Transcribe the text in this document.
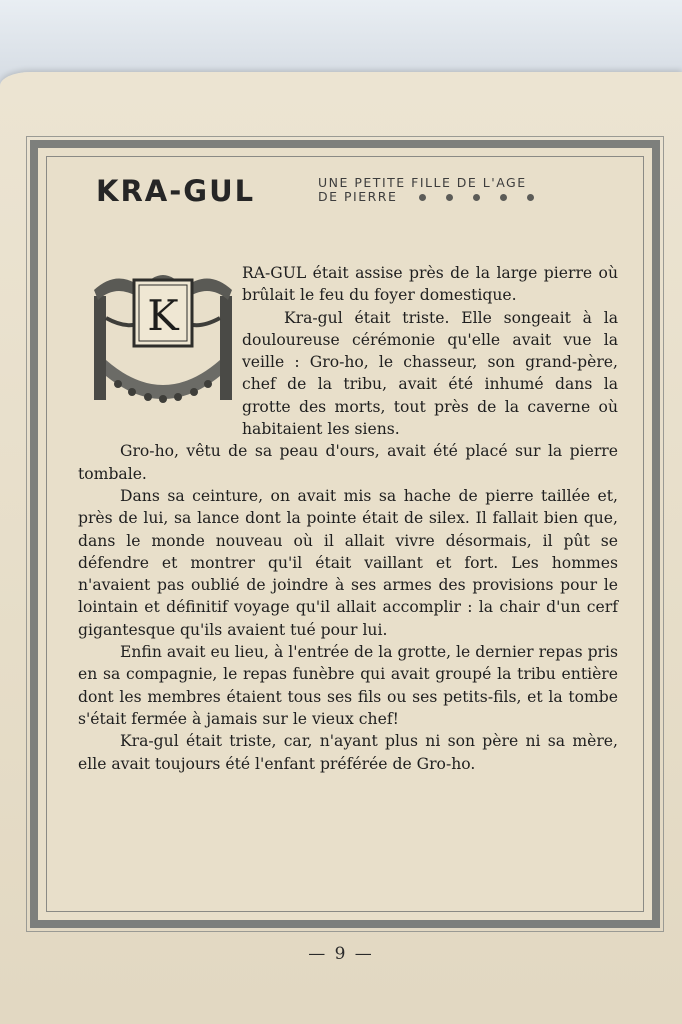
KRA-GUL	UNE PETITE FILLE DE L'AGE
DE PIERRE
K

RA-GUL était assise près de la large pierre où brûlait le feu du foyer domestique.

Kra-gul était triste. Elle songeait à la douloureuse cérémonie qu'elle avait vue la veille : Gro-ho, le chasseur, son grand-père, chef de la tribu, avait été inhumé dans la grotte des morts, tout près de la caverne où habitaient les siens.

Gro-ho, vêtu de sa peau d'ours, avait été placé sur la pierre tombale.

Dans sa ceinture, on avait mis sa hache de pierre taillée et, près de lui, sa lance dont la pointe était de silex. Il fallait bien que, dans le monde nouveau où il allait vivre désormais, il pût se défendre et montrer qu'il était vaillant et fort. Les hommes n'avaient pas oublié de joindre à ses armes des provisions pour le lointain et définitif voyage qu'il allait accomplir : la chair d'un cerf gigantesque qu'ils avaient tué pour lui.

Enfin avait eu lieu, à l'entrée de la grotte, le dernier repas pris en sa compagnie, le repas funèbre qui avait groupé la tribu entière dont les membres étaient tous ses fils ou ses petits-fils, et la tombe s'était fermée à jamais sur le vieux chef!

Kra-gul était triste, car, n'ayant plus ni son père ni sa mère, elle avait toujours été l'enfant préférée de Gro-ho.

— 9 —
